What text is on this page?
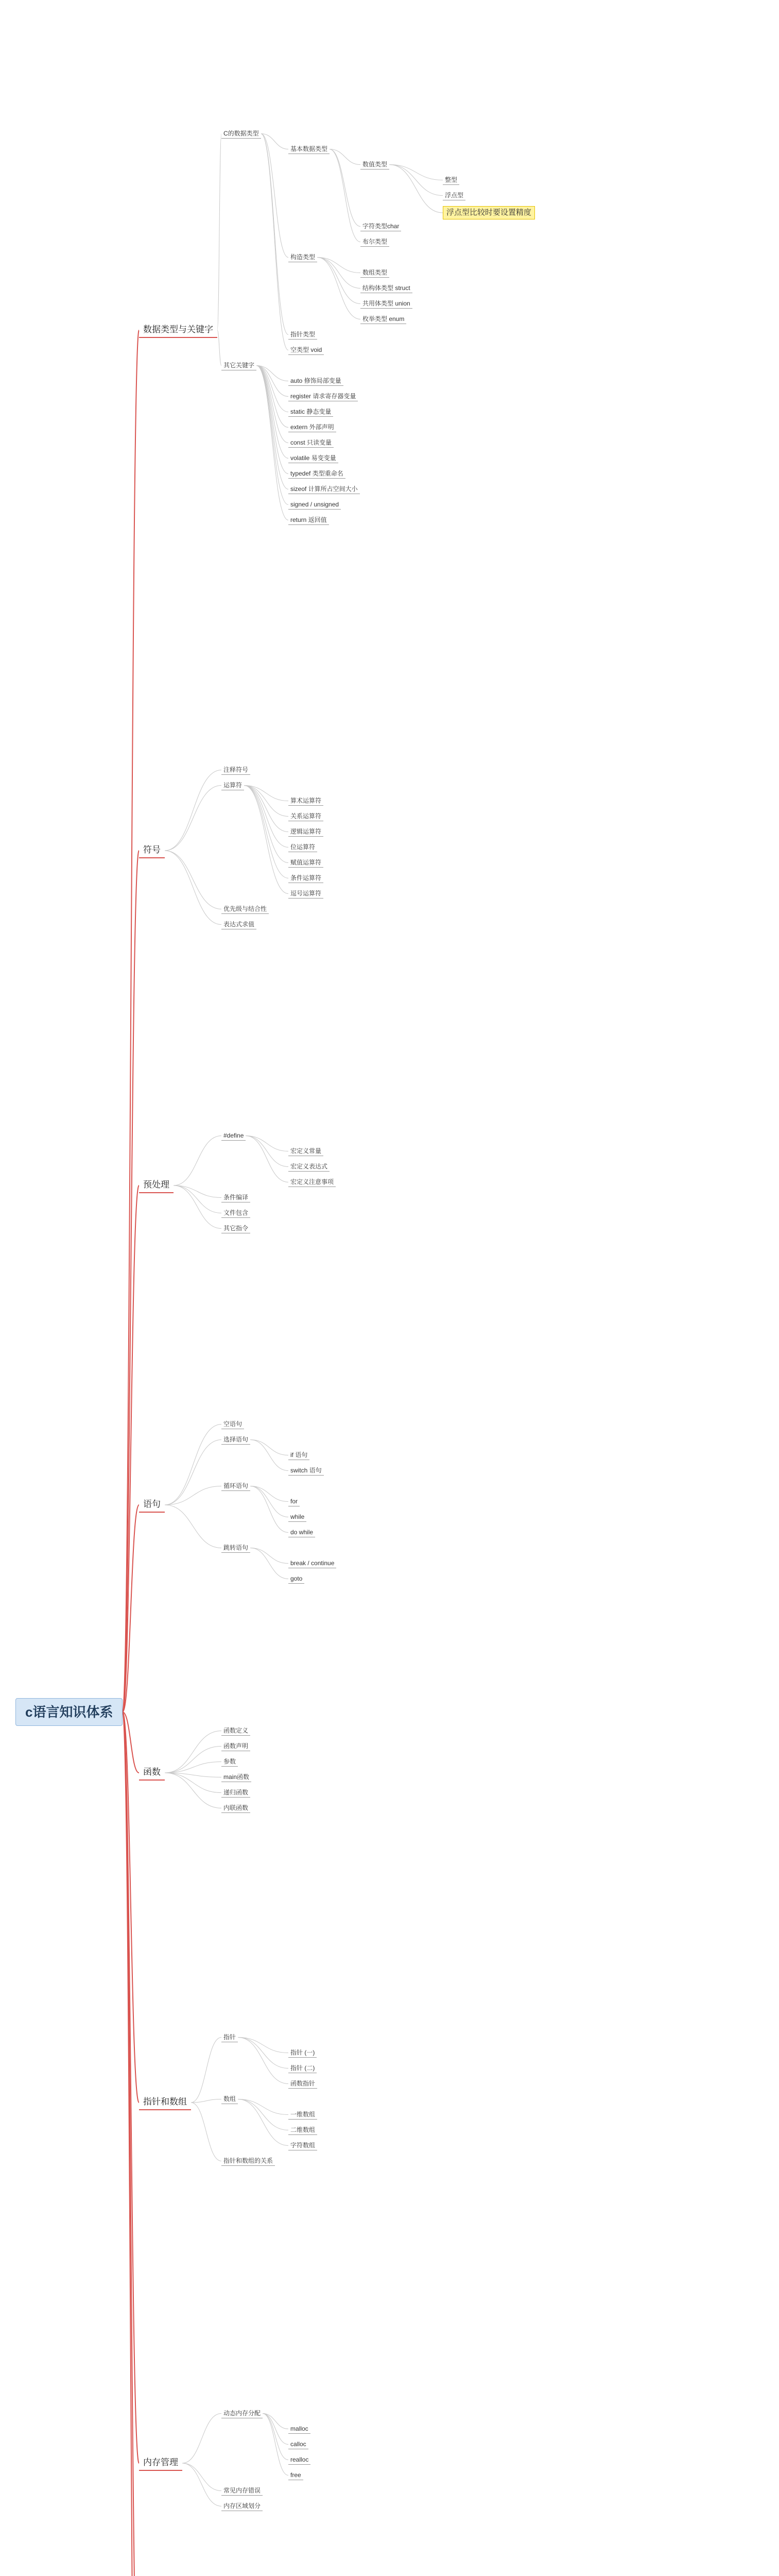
c语言知识体系
数据类型与关键字
符号
预处理
语句
函数
指针和数组
内存管理
C的数据类型
基本数据类型
数值类型
整型
浮点型
浮点型比较时要设置精度
字符类型char
布尔类型
构造类型
数组类型
结构体类型 struct
共用体类型 union
枚举类型 enum
指针类型
空类型 void
其它关键字
auto 修饰局部变量
register 请求寄存器变量
static 静态变量
extern 外部声明
const 只读变量
volatile 易变变量
typedef 类型重命名
sizeof 计算所占空间大小
signed / unsigned
return 返回值
注释符号
运算符
算术运算符
关系运算符
逻辑运算符
位运算符
赋值运算符
条件运算符
逗号运算符
优先级与结合性
表达式求值
#define
宏定义常量
宏定义表达式
宏定义注意事项
条件编译
文件包含
其它指令
空语句
选择语句
if 语句
switch 语句
循环语句
for
while
do while
跳转语句
break / continue
goto
函数定义
函数声明
参数
main函数
递归函数
内联函数
指针
指针 (一)
指针 (二)
函数指针
数组
一维数组
二维数组
字符数组
指针和数组的关系
动态内存分配
malloc
calloc
realloc
free
常见内存错误
内存区域划分
